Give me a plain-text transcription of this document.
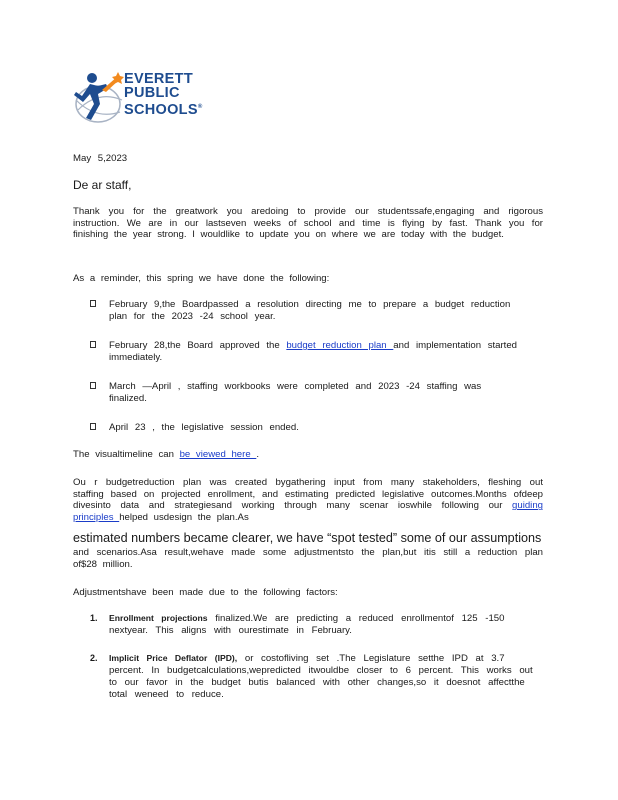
EVERETT
PUBLIC
SCHOOLS®
May 5,2023
De ar staff,
Thank you for the greatwork you aredoing to provide our studentssafe,engaging and rigorous instruction. We are in our lastseven weeks of school and time is flying by fast. Thank you for finishing the year strong. I wouldlike to update you on where we are today with the budget.
As a reminder, this spring we have done the following:
February 9,the Boardpassed a resolution directing me to prepare a budget reduction plan for the 2023 -24 school year.
February 28,the Board approved the budget reduction plan and implementation started immediately.
March —April , staffing workbooks were completed and 2023 -24 staffing was finalized.
April 23 , the legislative session ended.
The visualtimeline can be viewed here .
Ou r budgetreduction plan was created bygathering input from many stakeholders, fleshing out staffing based on projected enrollment, and estimating predicted legislative outcomes.Months ofdeep divesinto data and strategiesand working through many scenar ioswhile following our guiding principles helped usdesign the plan.As
estimated numbers became clearer, we have “spot tested” some of our assumptions
and scenarios.Asa result,wehave made some adjustmentsto the plan,but itis still a reduction plan of$28 million.
Adjustmentshave been made due to the following factors:
1. Enrollment projections finalized.We are predicting a reduced enrollmentof 125 -150 nextyear. This aligns with ourestimate in February.
2. Implicit Price Deflator (IPD), or costofliving set .The Legislature setthe IPD at 3.7 percent. In budgetcalculations,wepredicted itwouldbe closer to 6 percent. This works out to our favor in the budget butis balanced with other changes,so it doesnot affectthe total weneed to reduce.
